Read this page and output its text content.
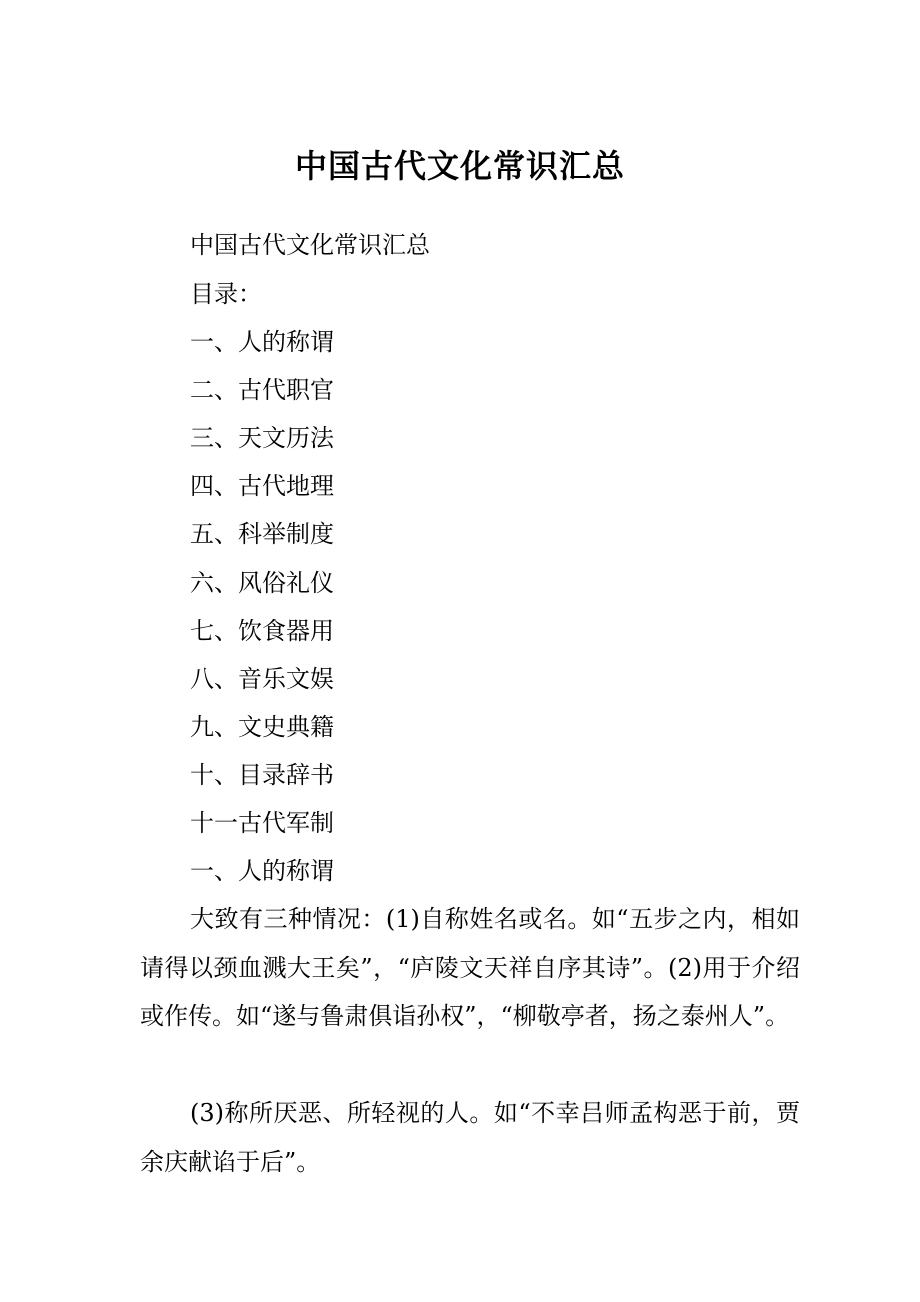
中国古代文化常识汇总

中国古代文化常识汇总

目录：

一、人的称谓

二、古代职官

三、天文历法

四、古代地理

五、科举制度

六、风俗礼仪

七、饮食器用

八、音乐文娱

九、文史典籍

十、目录辞书

十一古代军制

一、人的称谓

大致有三种情况：(1)自称姓名或名。如“五步之内，相如请得以颈血溅大王矣”，“庐陵文天祥自序其诗”。(2)用于介绍或作传。如“遂与鲁肃俱诣孙权”，“柳敬亭者，扬之泰州人”。

(3)称所厌恶、所轻视的人。如“不幸吕师孟构恶于前，贾余庆献谄于后”。
